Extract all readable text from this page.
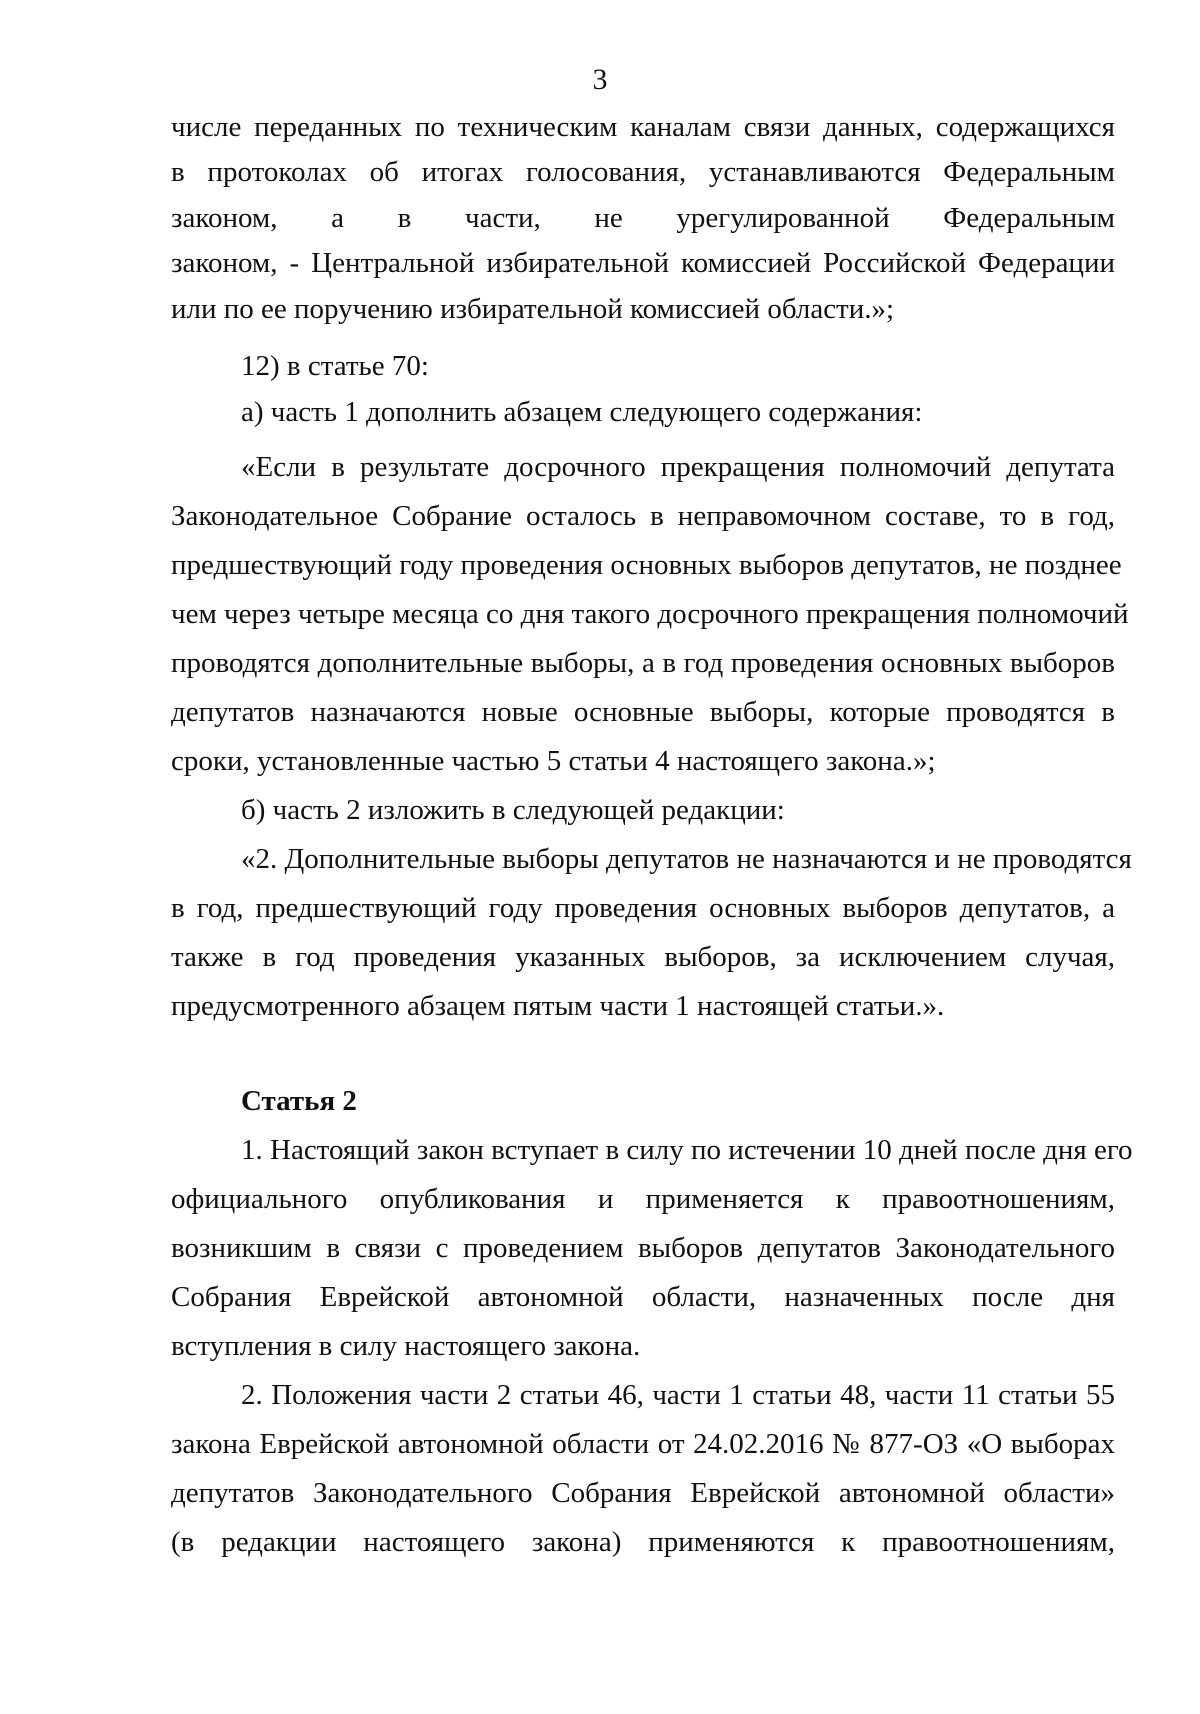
3
числе переданных по техническим каналам связи данных, содержащихся
в протоколах об итогах голосования, устанавливаются Федеральным
законом, а в части, не урегулированной Федеральным
законом, - Центральной избирательной комиссией Российской Федерации
или по ее поручению избирательной комиссией области.»;
12) в статье 70:
а) часть 1 дополнить абзацем следующего содержания:
«Если в результате досрочного прекращения полномочий депутата
Законодательное Собрание осталось в неправомочном составе, то в год,
предшествующий году проведения основных выборов депутатов, не позднее
чем через четыре месяца со дня такого досрочного прекращения полномочий
проводятся дополнительные выборы, а в год проведения основных выборов
депутатов назначаются новые основные выборы, которые проводятся в
сроки, установленные частью 5 статьи 4 настоящего закона.»;
б) часть 2 изложить в следующей редакции:
«2. Дополнительные выборы депутатов не назначаются и не проводятся
в год, предшествующий году проведения основных выборов депутатов, а
также в год проведения указанных выборов, за исключением случая,
предусмотренного абзацем пятым части 1 настоящей статьи.».
Статья 2
1. Настоящий закон вступает в силу по истечении 10 дней после дня его
официального опубликования и применяется к правоотношениям,
возникшим в связи с проведением выборов депутатов Законодательного
Собрания Еврейской автономной области, назначенных после дня
вступления в силу настоящего закона.
2. Положения части 2 статьи 46, части 1 статьи 48, части 11 статьи 55
закона Еврейской автономной области от 24.02.2016 № 877-ОЗ «О выборах
депутатов Законодательного Собрания Еврейской автономной области»
(в редакции настоящего закона) применяются к правоотношениям,
